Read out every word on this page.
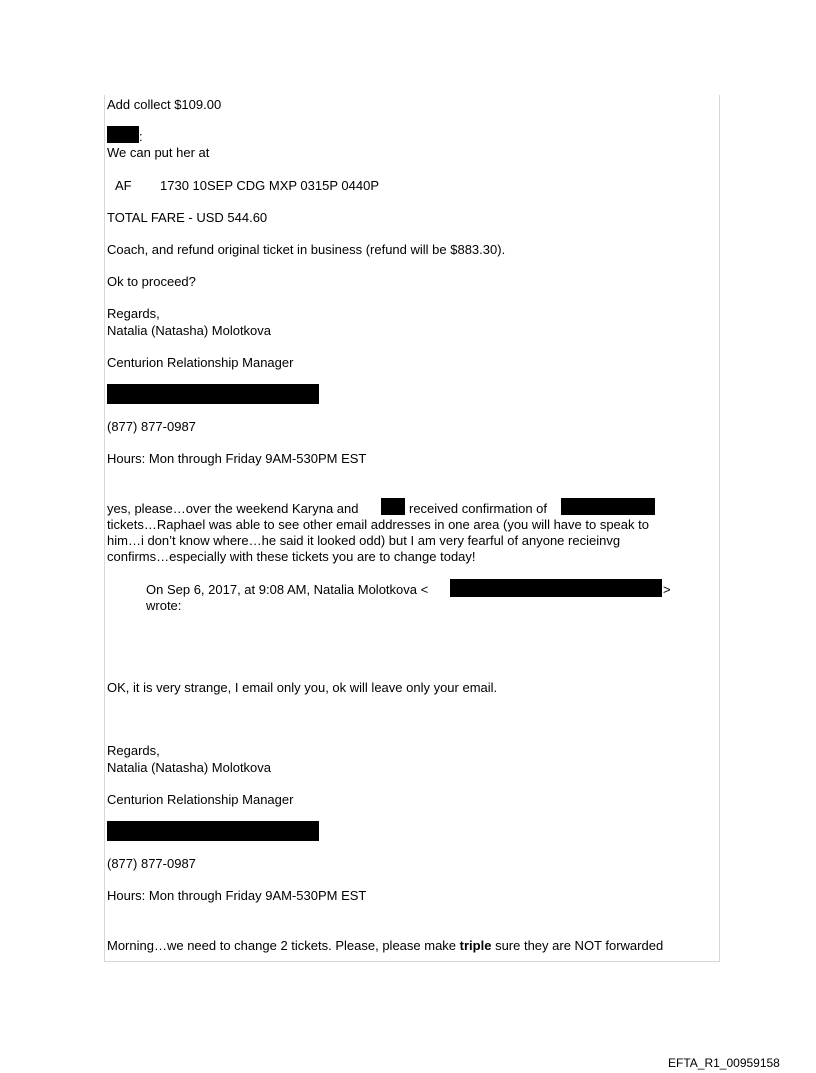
Add collect $109.00

:

We can put her at

AF 1730 10SEP CDG MXP 0315P 0440P

TOTAL FARE - USD 544.60

Coach, and refund original ticket in business (refund will be $883.30).

Ok to proceed?

Regards,

Natalia (Natasha) Molotkova

Centurion Relationship Manager

(877) 877-0987

Hours: Mon through Friday 9AM-530PM EST

yes, please…over the weekend Karyna and	received confirmation of

tickets…Raphael was able to see other email addresses in one area (you will have to speak to

him…i don’t know where…he said it looked odd) but I am very fearful of anyone recieinvg

confirms…especially with these tickets you are to change today!

On Sep 6, 2017, at 9:08 AM, Natalia Molotkova <	>

wrote:

OK, it is very strange, I email only you, ok will leave only your email.

Regards,

Natalia (Natasha) Molotkova

Centurion Relationship Manager

(877) 877-0987

Hours: Mon through Friday 9AM-530PM EST

Morning…we need to change 2 tickets. Please, please make triple sure they are NOT forwarded

EFTA_R1_00959158
